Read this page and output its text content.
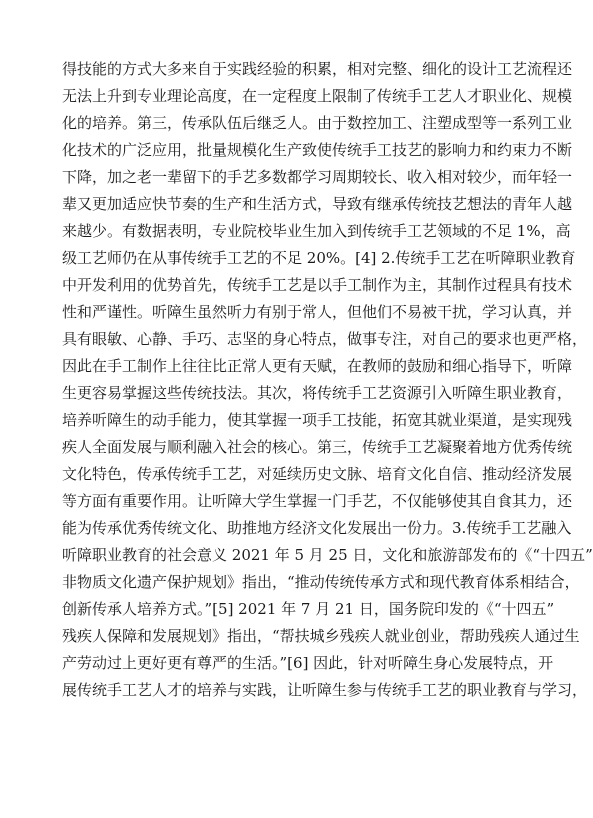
得技能的方式大多来自于实践经验的积累，相对完整、细化的设计工艺流程还
无法上升到专业理论高度，在一定程度上限制了传统手工艺人才职业化、规模
化的培养。第三，传承队伍后继乏人。由于数控加工、注塑成型等一系列工业
化技术的广泛应用，批量规模化生产致使传统手工技艺的影响力和约束力不断
下降，加之老一辈留下的手艺多数都学习周期较长、收入相对较少，而年轻一
辈又更加适应快节奏的生产和生活方式，导致有继承传统技艺想法的青年人越
来越少。有数据表明，专业院校毕业生加入到传统手工艺领域的不足 1%，高
级工艺师仍在从事传统手工艺的不足 20%。[4] 2.传统手工艺在听障职业教育
中开发利用的优势首先，传统手工艺是以手工制作为主，其制作过程具有技术
性和严谨性。听障生虽然听力有别于常人，但他们不易被干扰，学习认真，并
具有眼敏、心静、手巧、志坚的身心特点，做事专注，对自己的要求也更严格，
因此在手工制作上往往比正常人更有天赋，在教师的鼓励和细心指导下，听障
生更容易掌握这些传统技法。其次，将传统手工艺资源引入听障生职业教育，
培养听障生的动手能力，使其掌握一项手工技能，拓宽其就业渠道，是实现残
疾人全面发展与顺利融入社会的核心。第三，传统手工艺凝聚着地方优秀传统
文化特色，传承传统手工艺，对延续历史文脉、培育文化自信、推动经济发展
等方面有重要作用。让听障大学生掌握一门手艺，不仅能够使其自食其力，还
能为传承优秀传统文化、助推地方经济文化发展出一份力。3.传统手工艺融入
听障职业教育的社会意义 2021 年 5 月 25 日，文化和旅游部发布的《“十四五”
非物质文化遗产保护规划》指出，“推动传统传承方式和现代教育体系相结合，
创新传承人培养方式。”[5] 2021 年 7 月 21 日，国务院印发的《“十四五”
残疾人保障和发展规划》指出，“帮扶城乡残疾人就业创业，帮助残疾人通过生
产劳动过上更好更有尊严的生活。”[6] 因此，针对听障生身心发展特点，开
展传统手工艺人才的培养与实践，让听障生参与传统手工艺的职业教育与学习，
